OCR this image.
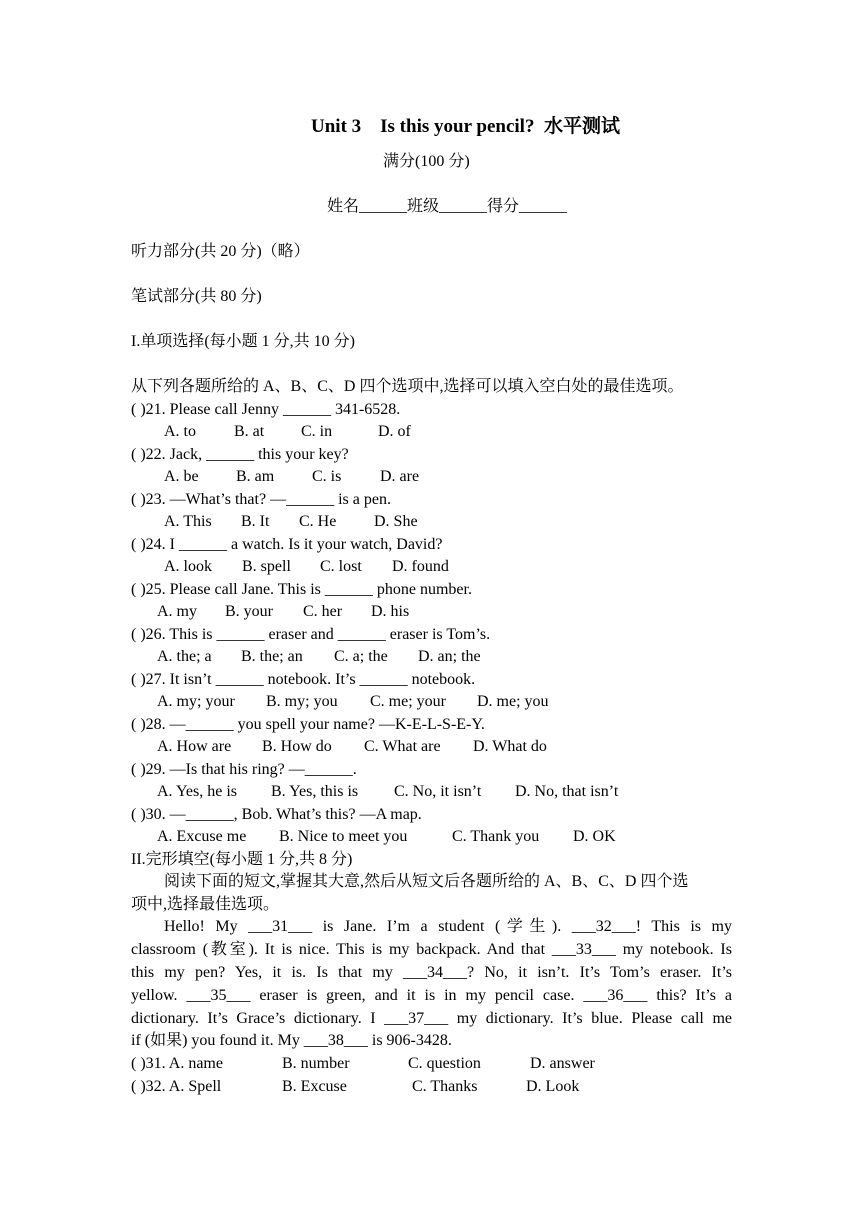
Unit 3    Is this your pencil?  水平测试
满分(100 分)
姓名______班级______得分______
听力部分(共 20 分)（略）
笔试部分(共 80 分)
I.单项选择(每小题 1 分,共 10 分)
从下列各题所给的 A、B、C、D 四个选项中,选择可以填入空白处的最佳选项。
( )21. Please call Jenny ______ 341-6528.
A. to B. at C. in	D. of
( )22. Jack, ______ this your key?
A. be B. am C. is D. are
( )23. —What’s that? —______ is a pen.
A. This B. It C. He D. She
( )24. I ______ a watch. Is it your watch, David?
A. look B. spell C. lost D. found
( )25. Please call Jane. This is ______ phone number.
A. my B. your C. her D. his
( )26. This is ______ eraser and ______ eraser is Tom’s.
A. the; a B. the; an C. a; the D. an; the
( )27. It isn’t ______ notebook. It’s ______ notebook.
A. my; your B. my; you C. me; your D. me; you
( )28. —______ you spell your name? —K-E-L-S-E-Y.
A. How are B. How do C. What are D. What do
( )29. —Is that his ring? —______.
A. Yes, he is B. Yes, this is C. No, it isn’t D. No, that isn’t
( )30. —______, Bob. What’s this? —A map.
A. Excuse me B. Nice to meet you	C. Thank you D. OK
II.完形填空(每小题 1 分,共 8 分)
阅读下面的短文,掌握其大意,然后从短文后各题所给的 A、B、C、D 四个选
项中,选择最佳选项。
Hello! My ___31___ is Jane. I’m a student (学生). ___32___! This is my
classroom (教室). It is nice. This is my backpack. And that ___33___ my notebook. Is
this my pen? Yes, it is. Is that my ___34___? No, it isn’t. It’s Tom’s eraser. It’s
yellow. ___35___ eraser is green, and it is in my pencil case. ___36___ this? It’s a
dictionary. It’s Grace’s dictionary. I ___37___ my dictionary. It’s blue. Please call me
if (如果) you found it. My ___38___ is 906-3428.
( )31. A. name	B. number	C. question	D. answer
( )32. A. Spell	B. Excuse	C. Thanks	D. Look
